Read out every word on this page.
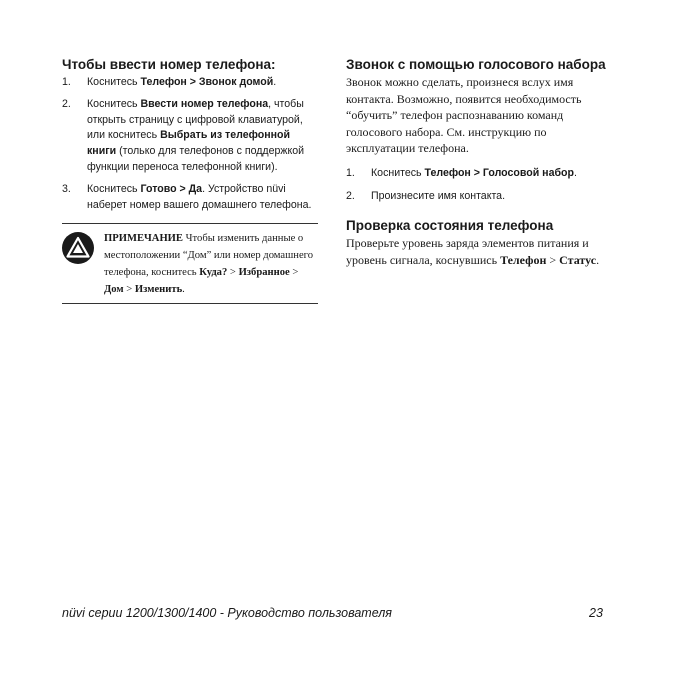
Чтобы ввести номер телефона:
1. Коснитесь Телефон > Звонок домой.
2. Коснитесь Ввести номер телефона, чтобы открыть страницу с цифровой клавиатурой, или коснитесь Выбрать из телефонной книги (только для телефонов с поддержкой функции переноса телефонной книги).
3. Коснитесь Готово > Да. Устройство nüvi наберет номер вашего домашнего телефона.
ПРИМЕЧАНИЕ Чтобы изменить данные о местоположении “Дом” или номер домашнего телефона, коснитесь Куда? > Избранное > Дом > Изменить.
Звонок с помощью голосового набора
Звонок можно сделать, произнеся вслух имя контакта. Возможно, появится необходимость “обучить” телефон распознаванию команд голосового набора. См. инструкцию по эксплуатации телефона.
1. Коснитесь Телефон > Голосовой набор.
2. Произнесите имя контакта.
Проверка состояния телефона
Проверьте уровень заряда элементов питания и уровень сигнала, коснувшись Телефон > Статус.
nüvi серии 1200/1300/1400 - Руководство пользователя	23
